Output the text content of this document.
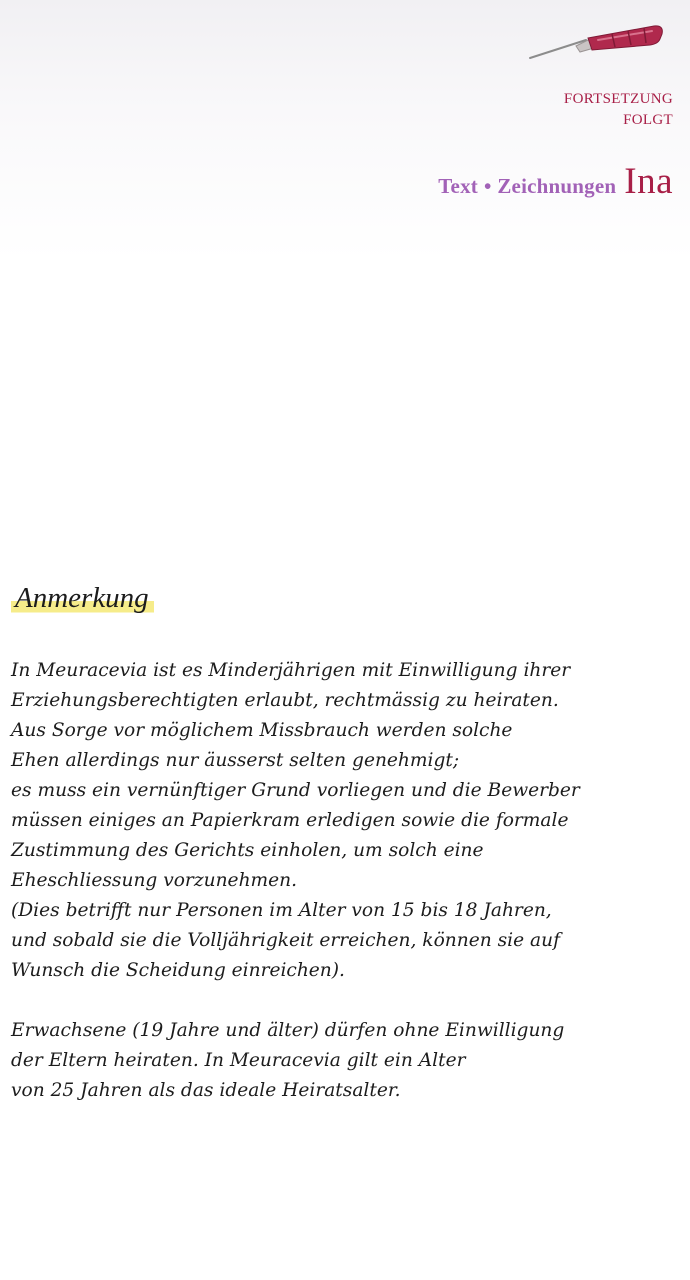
FORTSETZUNG
FOLGT
Text • Zeichnungen Ina
Anmerkung
In Meuracevia ist es Minderjährigen mit Einwilligung ihrer
Erziehungsberechtigten erlaubt, rechtmässig zu heiraten.
Aus Sorge vor möglichem Missbrauch werden solche
Ehen allerdings nur äusserst selten genehmigt;
es muss ein vernünftiger Grund vorliegen und die Bewerber
müssen einiges an Papierkram erledigen sowie die formale
Zustimmung des Gerichts einholen, um solch eine
Eheschliessung vorzunehmen.
(Dies betrifft nur Personen im Alter von 15 bis 18 Jahren,
und sobald sie die Volljährigkeit erreichen, können sie auf
Wunsch die Scheidung einreichen).
Erwachsene (19 Jahre und älter) dürfen ohne Einwilligung
der Eltern heiraten. In Meuracevia gilt ein Alter
von 25 Jahren als das ideale Heiratsalter.
